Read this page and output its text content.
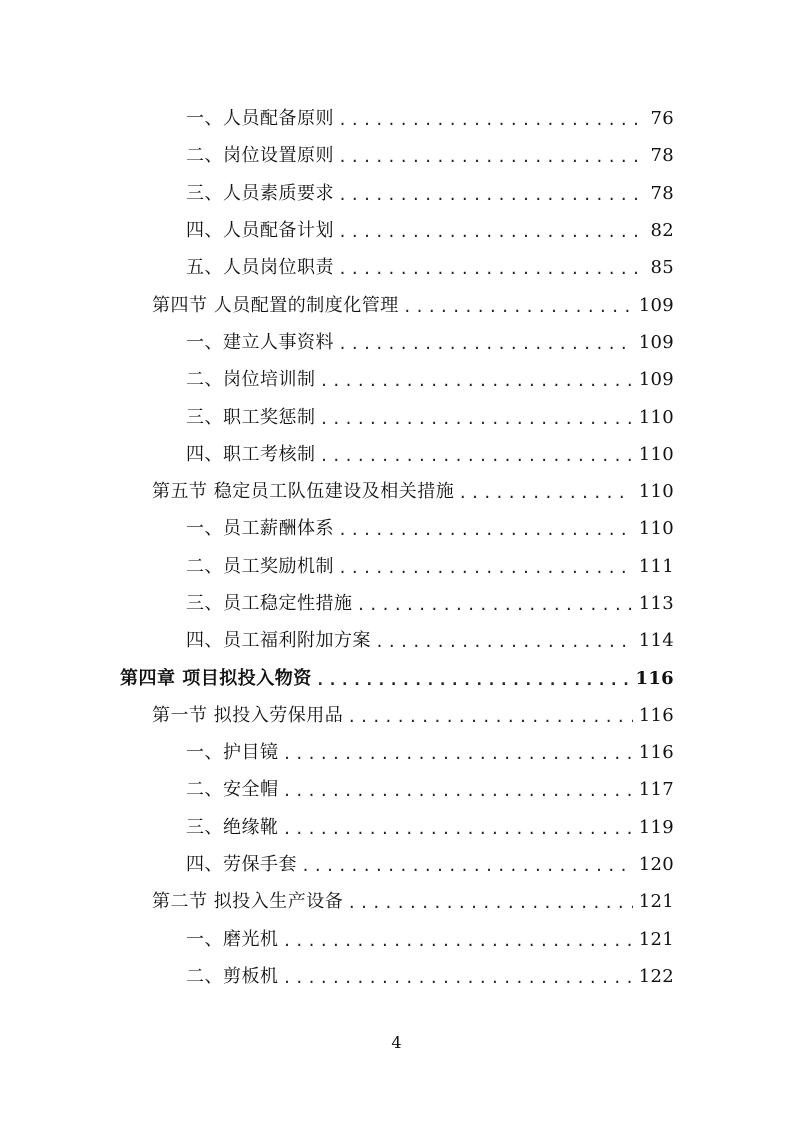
一、人员配备原则 .....	76
二、岗位设置原则 .....	78
三、人员素质要求 .....	78
四、人员配备计划 .....	82
五、人员岗位职责 .....	85
第四节 人员配置的制度化管理 .....	109
一、建立人事资料 .....	109
二、岗位培训制 .....	109
三、职工奖惩制 .....	110
四、职工考核制 .....	110
第五节 稳定员工队伍建设及相关措施 .....	110
一、员工薪酬体系 .....	110
二、员工奖励机制 .....	111
三、员工稳定性措施 .....	113
四、员工福利附加方案 .....	114
第四章 项目拟投入物资 .....	116
第一节 拟投入劳保用品 .....	116
一、护目镜 .....	116
二、安全帽 .....	117
三、绝缘靴 .....	119
四、劳保手套 .....	120
第二节 拟投入生产设备 .....	121
一、磨光机 .....	121
二、剪板机 .....	122
4
